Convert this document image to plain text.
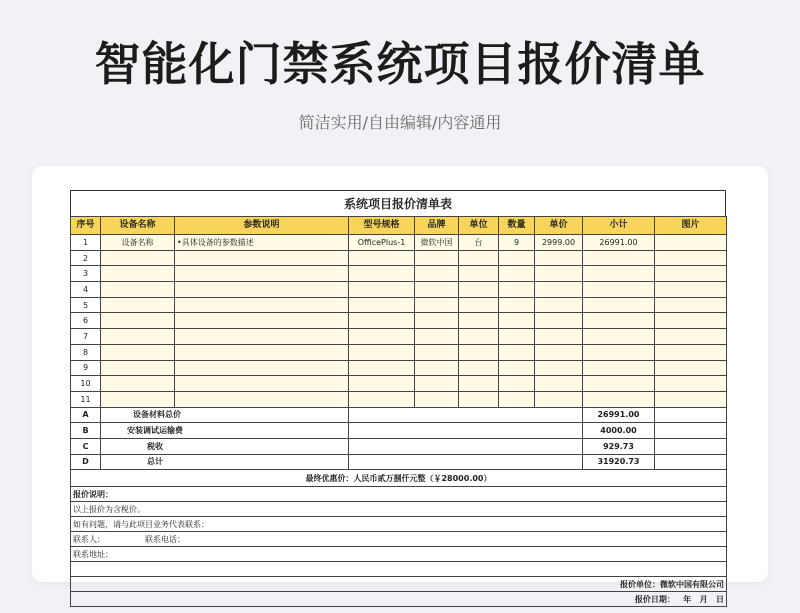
智能化门禁系统项目报价清单
简洁实用/自由编辑/内容通用
系统项目报价清单表
序号	设备名称	参数说明	型号规格	品牌	单位	数量	单价	小计	图片
1	设备名称	•具体设备的参数描述	OfficePlus-1	微软中国	台	9	2999.00	26991.00	
2									
3									
4									
5									
6									
7									
8									
9									
10									
11									
A	设备材料总价							26991.00	
B	安装调试运输费							4000.00	
C	税收							929.73	
D	总计							31920.73	
最终优惠价：人民币贰万捌仟元整（￥28000.00）									
报价说明：									
以上报价为含税价。									
如有问题，请与此项目业务代表联系：									
联系人： 联系电话：									
联系地址：									

报价单位：微软中国有限公司									
报价日期：   年   月   日									
